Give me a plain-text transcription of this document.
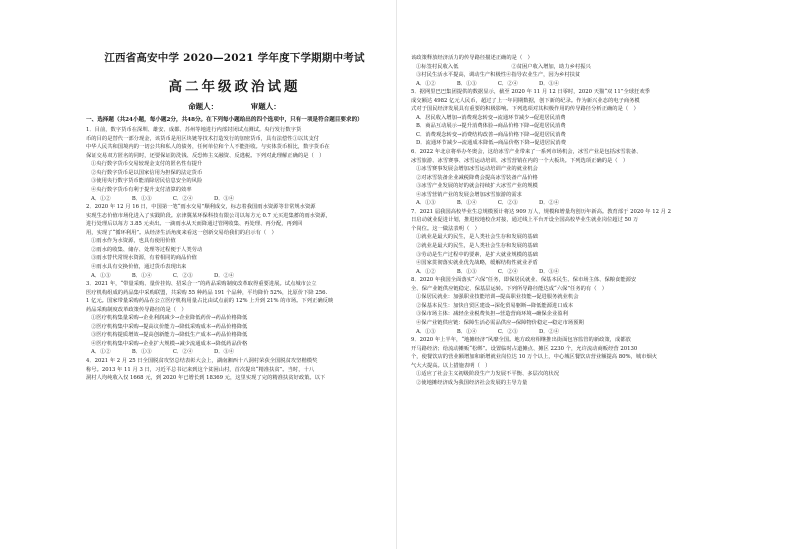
江西省高安中学 2020—2021 学年度下学期期中考试
高二年级政治试题
命题人： 审题人：
一、选择题（共24小题，每小题2分，共48分。在下列每小题给出的四个选项中，只有一项是符合题目要求的）

1．目前，数字货币在深圳、雄安、成都、苏州等地进行内部封闭试点测试。央行发行数字货

币的目的是替代一部分现金，该货币是用区块链等技术打造发行的加密货币，具有法偿性①以其支付

中华人民共和国境内的一切公共和私人的债务，任何单位和个人不能拒收。与实体货币相比，数字货币在

保证交易双方匿名的同时，还要保证防洗钱、反恐怖主义融资、反逃税。下列对此理解正确的是（　）

①央行数字货币交易较现金支付的匿名性有提升

②央行数字货币是以国家信用为担保的法定货币

③使用央行数字货币能消除居民信息安全的风险

④央行数字货币有利于提升支付清算的效率

A．①②　　　　B．①③　　　　C．②④　　　　D．③④

2．2020 年 12 月 16 日，中国第一笔“雨水交易”顺利成交，标志着我国雨水资源等非常规水资源

实现生态价值市场化进入了实践阶段。京津冀某环保科技有限公司以每方元 0.7 元买进集蓄的雨水资源，

进行处理后以每方 3.85 元卖出。一滴雨水从天而降通过管网收集、再处理、再分配，再到回

用，实现了“循环利用”。从经济生活角度来看这一创新交易给我们的启示有（　）

①雨水作为水资源，也具有使用价值

②雨水的收集、储存、处理等过程便于人类劳动

③雨水替代常规水资源，有着相同的商品价值

④雨水具有交换价值，通过货币表现出来

A．①③　　　　B．①④　　　　C．②③　　　　D．②④

3．2021 年，“带量采购、量价挂钩、招采合一”的药品采购制度改革取得重要进展。试点城市公立

医疗机构组成的药品集中采购联盟，共采购 55 种药品 191 个品种，平均降价 52%，比原价下降 256.

1 亿元。国家带量采购药品在公立医疗机构用量占比由试点前的 12% 上升到 21% 的市场。下列正确反映

药品采购制度改革政策传导路径的是（　）

①医疗机构集量采购→企业利润减少→企业降低药价→药品价格降低

②医疗机构集中采购→提高议价能力→降低采购成本→药品价格降低

③医疗机构提质增效→提高创新能力→降低生产成本→药品价格降低

④医疗机构集中采购→企业扩大规模→减少流通成本→降低药品价格

A．①②　　　　B．①③　　　　C．②④　　　　D．③④

4．2021 年 2 月 25 日全国脱贫攻坚总结表彰大会上，湖南湘西十八洞村荣获全国脱贫攻坚楷模奖

称号。2013 年 11 月 3 日，习近平总书记来到这个贫困山村，首次提出“精准扶贫”。当时，十八

洞村人均纯收入仅 1668 元，到 2020 年已增长到 18369 元，这里实现了完的精准扶贫好政策。以下

该政策释放经济活力的传导路径描述正确的是（　）

①标签村民收入低　　　　　　　　　　②贫困户收入增加，助力乡村振兴

③村民生活水平提高，调动生产积极性④指导农业生产，因为乡村扶贫

A．①②　　　　B．①③　　　　C．②④　　　　D．③④

5．据网里巴巴集团提供的数据显示，截至 2020 年 11 月 12 日零时，2020 天猫“双 11”全球狂欢季

成交额达 4982 亿元人民币，超过了上一年同期数据，创下新的纪录。作为新兴业态的电子商务模

式对于国民经济发展具有重要的积极影响。下列选项对其积极作用的传导路径分析正确的是（　）

A．居民收入增加→消费观念转变→流通环节减少→促进居民消费

B．商品互动展示→提升消费体验→商品价格下降→促进居民消费

C．消费观念转变→消费结构改善→商品价格下降→促进居民消费

D．流通环节减少→流通成本降低→商品价格下降→促进居民消费

6．2022 年北京将举办冬奥会，这给冰雪产业带来了一系列市场机会，冰雪产业是包括冰雪装备、

冰雪旅游、冰雪赛事、冰雪运动培训、冰雪营销在内的一个大板块。下列选项正确的是（　）

①冰雪赛事发展会增加冰雪运动培训产业的就业机会

②对冰雪装备企业减税降费会提高冰雪装备产品价格

③冰雪产业发展的好的就会持续扩大冰雪产业的规模

④冰雪营销产业的发展会增加冰雪旅游的需求

A．①③　　　　B．①④　　　　C．②③　　　　D．②④

7．2021 届我国高校毕业生总规模预计将达 909 万人，规模和增量均创历年新高。教育部于 2020 年 12 月 2

日启动就业促进计划，推进校地校企对接，通过线上平台开设全国高校毕业生就业岗位超过 50 万

个岗位。这一做法表明（　）

①就业是最大的民生，是人类社会生存和发展的基础

②就业是最大的民生，是人类社会生存和发展的基础

③劳动是生产过程中的要素，是扩大就业规模的基础

④国家贯彻落实就业优先战略，缓解结构性就业矛盾

A．①②　　　　B．①③　　　　C．②④　　　　D．③④

8．2020 年我国全面落实“六保”任务，即保居民就业、保基本民生、保市场主体、保粮食能源安

全、保产业链供应链稳定、保基层运转。下列所导路径能达成“六保”任务的有（　）

①保居民就业：加强职业技能培训→提高职业技能→促进服务就业机会

②保基本民生：加快自贸区建设→深化贸易躯断→降低能源进口成本

③保市场主体：减轻企业税费负担→营造营商环境→确保企业盈利

④保产业链供应链：保障生活必需品供应→保障物价稳定→稳定市场预期

A．①③　　　　B．①④　　　　C．②③　　　　D．②④

9．2020 年上半年，“地摊经济”风靡全国。地方政府相继推出街面包容监管的新政策，成都放

开马路经济；给流动摊贩“松绑”。设置临时占道摊点、摊区 2230 个，允许流动商贩经营 20130

个，使餐饮店的营业额增加和新增就业岗位达 10 万个以上，中心城区餐饮店营业额提高 80%，城市烟火

气大大提高。以上措施表明（　）

①适应了社会主义初级阶段生产力发展不平衡、多层次的状况

②使地摊经济成为我国经济社会发展的主导力量
